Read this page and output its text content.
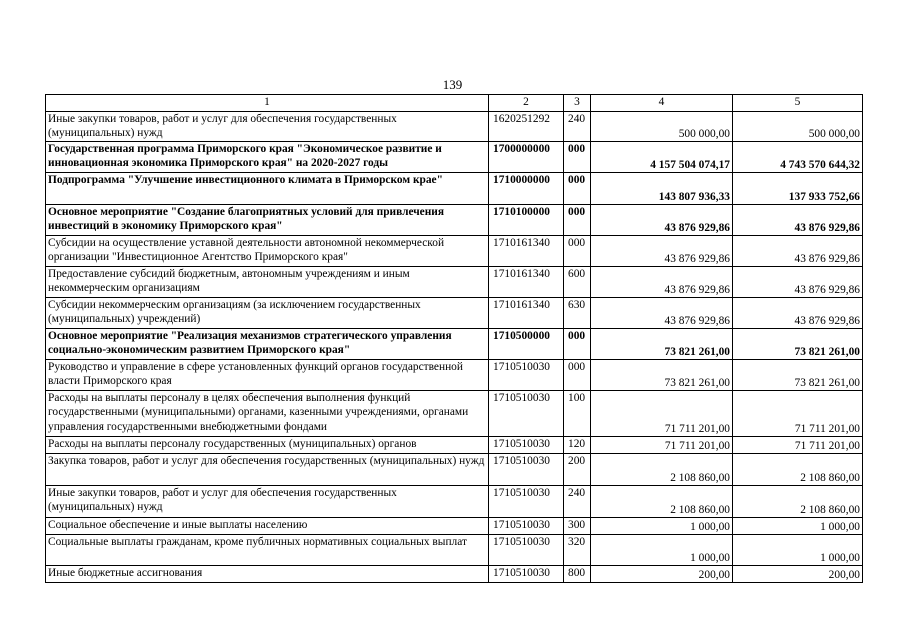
139
1	2	3	4	5
Иные закупки товаров, работ и услуг для обеспечения государственных (муниципальных) нужд	1620251292	240	500 000,00	500 000,00
Государственная программа Приморского края "Экономическое развитие и инновационная экономика Приморского края" на 2020-2027 годы	1700000000	000	4 157 504 074,17	4 743 570 644,32
Подпрограмма "Улучшение инвестиционного климата в Приморском крае"	1710000000	000	143 807 936,33	137 933 752,66
Основное мероприятие "Создание благоприятных условий для привлечения инвестиций в экономику Приморского края"	1710100000	000	43 876 929,86	43 876 929,86
Субсидии на осуществление уставной деятельности автономной некоммерческой организации "Инвестиционное Агентство Приморского края"	1710161340	000	43 876 929,86	43 876 929,86
Предоставление субсидий бюджетным, автономным учреждениям и иным некоммерческим организациям	1710161340	600	43 876 929,86	43 876 929,86
Субсидии некоммерческим организациям (за исключением государственных (муниципальных) учреждений)	1710161340	630	43 876 929,86	43 876 929,86
Основное мероприятие "Реализация механизмов стратегического управления социально-экономическим развитием Приморского края"	1710500000	000	73 821 261,00	73 821 261,00
Руководство и управление в сфере установленных функций органов государственной власти Приморского края	1710510030	000	73 821 261,00	73 821 261,00
Расходы на выплаты персоналу в целях обеспечения выполнения функций государственными (муниципальными) органами, казенными учреждениями, органами управления государственными внебюджетными фондами	1710510030	100	71 711 201,00	71 711 201,00
Расходы на выплаты персоналу государственных (муниципальных) органов	1710510030	120	71 711 201,00	71 711 201,00
Закупка товаров, работ и услуг для обеспечения государственных (муниципальных) нужд	1710510030	200	2 108 860,00	2 108 860,00
Иные закупки товаров, работ и услуг для обеспечения государственных (муниципальных) нужд	1710510030	240	2 108 860,00	2 108 860,00
Социальное обеспечение и иные выплаты населению	1710510030	300	1 000,00	1 000,00
Социальные выплаты гражданам, кроме публичных нормативных социальных выплат	1710510030	320	1 000,00	1 000,00
Иные бюджетные ассигнования	1710510030	800	200,00	200,00
